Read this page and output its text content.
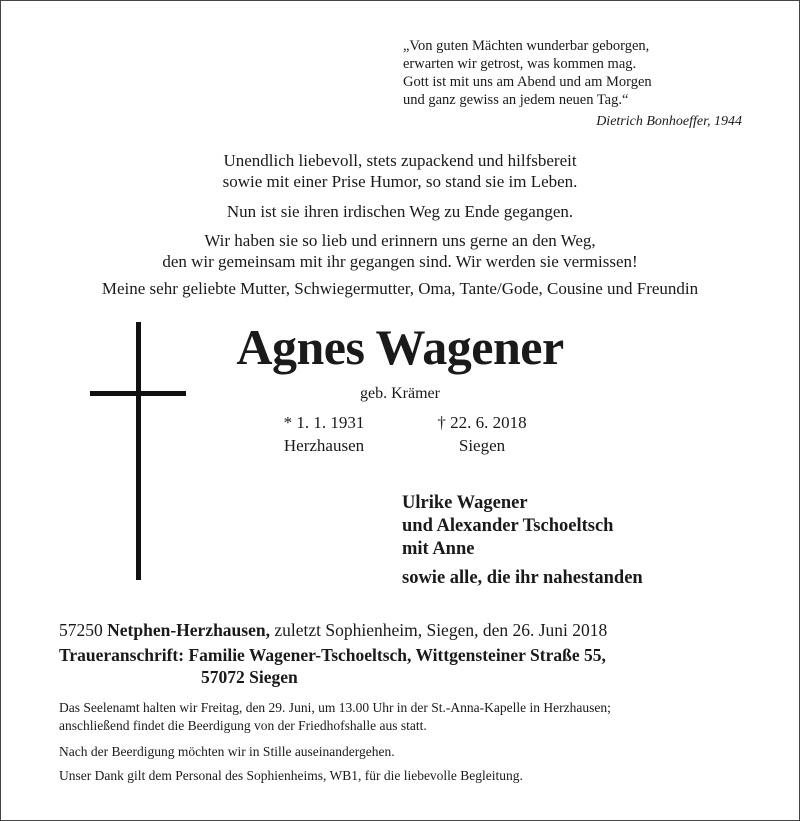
„Von guten Mächten wunderbar geborgen,
erwarten wir getrost, was kommen mag.
Gott ist mit uns am Abend und am Morgen
und ganz gewiss an jedem neuen Tag.“
Dietrich Bonhoeffer, 1944
Unendlich liebevoll, stets zupackend und hilfsbereit
sowie mit einer Prise Humor, so stand sie im Leben.
Nun ist sie ihren irdischen Weg zu Ende gegangen.
Wir haben sie so lieb und erinnern uns gerne an den Weg,
den wir gemeinsam mit ihr gegangen sind. Wir werden sie vermissen!
Meine sehr geliebte Mutter, Schwiegermutter, Oma, Tante/Gode, Cousine und Freundin
Agnes Wagener
geb. Krämer
* 1. 1. 1931
Herzhausen
† 22. 6. 2018
Siegen
Ulrike Wagener
und Alexander Tschoeltsch
mit Anne
sowie alle, die ihr nahestanden
57250 Netphen-Herzhausen, zuletzt Sophienheim, Siegen, den 26. Juni 2018
Traueranschrift: Familie Wagener-Tschoeltsch, Wittgensteiner Straße 55,
57072 Siegen
Das Seelenamt halten wir Freitag, den 29. Juni, um 13.00 Uhr in der St.-Anna-Kapelle in Herzhausen;
anschließend findet die Beerdigung von der Friedhofshalle aus statt.
Nach der Beerdigung möchten wir in Stille auseinandergehen.
Unser Dank gilt dem Personal des Sophienheims, WB1, für die liebevolle Begleitung.
